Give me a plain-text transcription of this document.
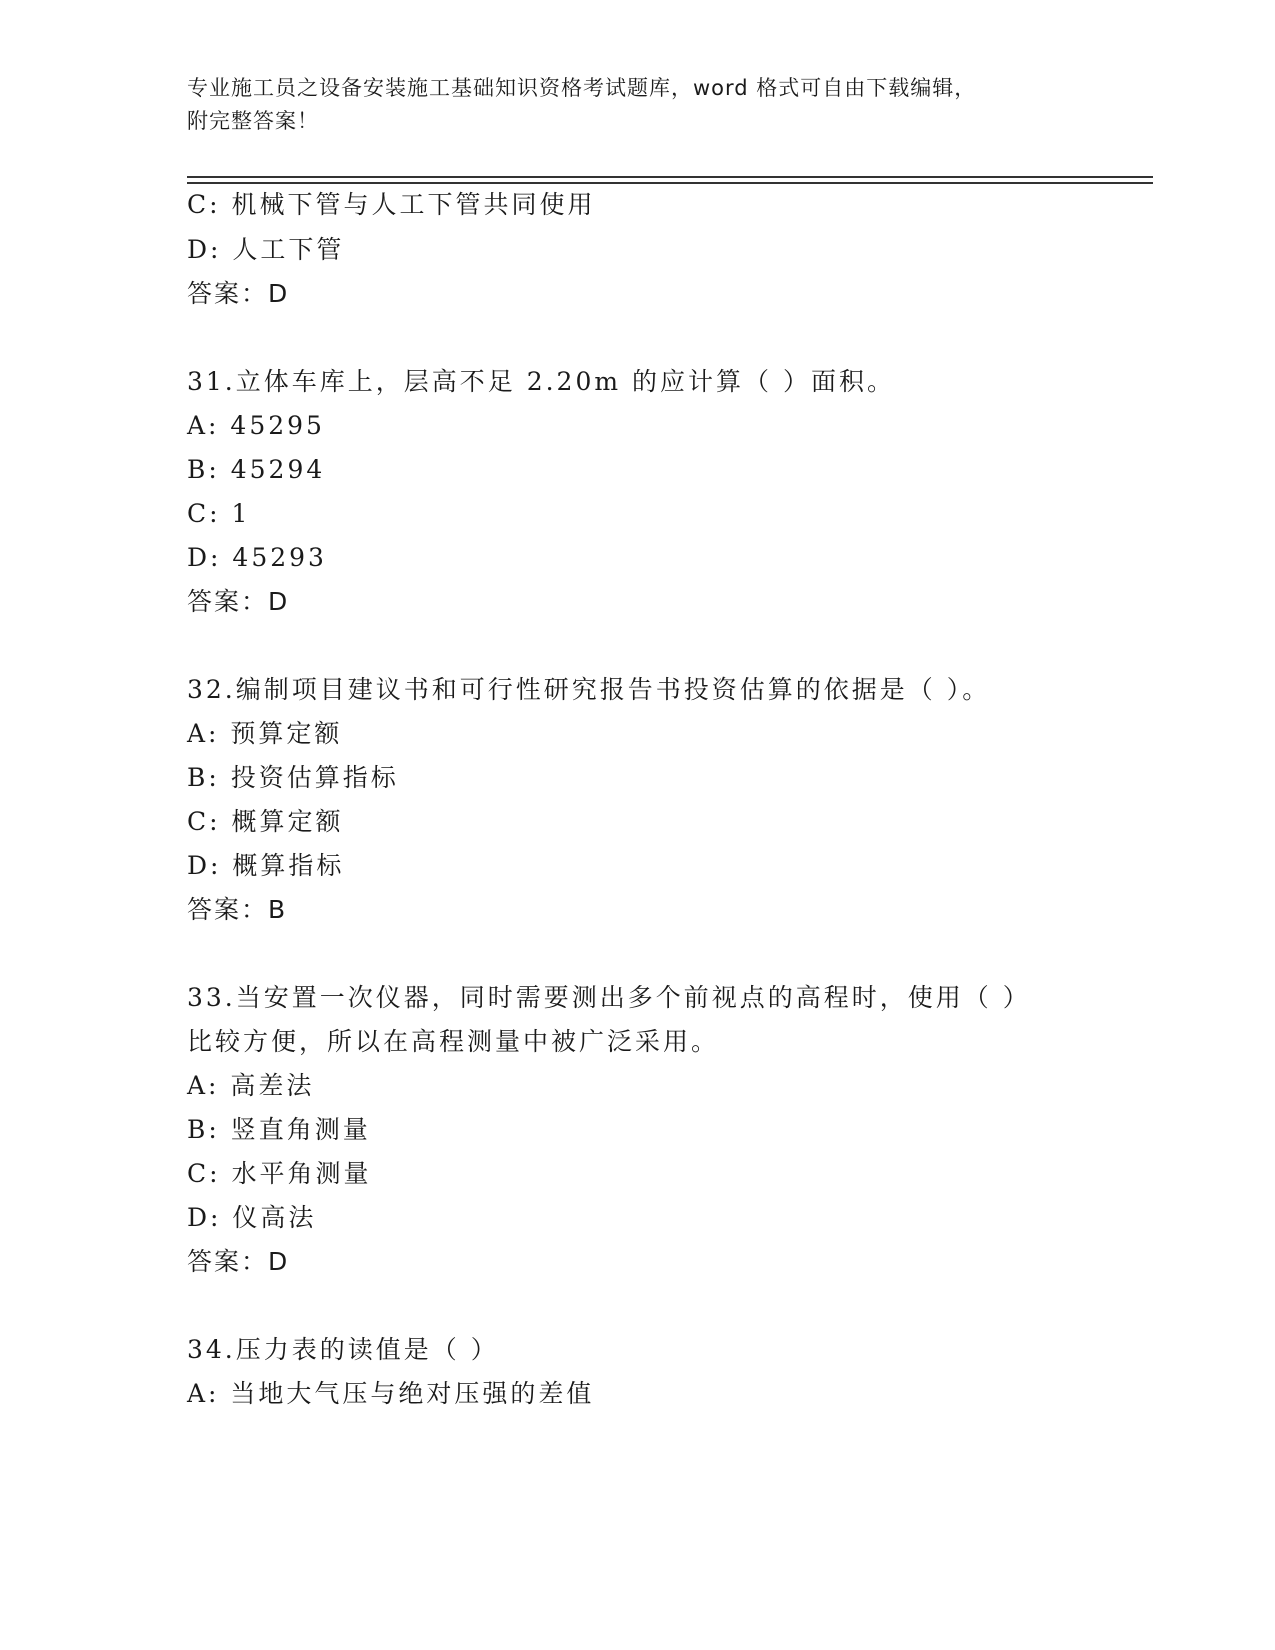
专业施工员之设备安装施工基础知识资格考试题库，word 格式可自由下载编辑，
附完整答案！
C: 机械下管与人工下管共同使用
D: 人工下管
答案：D
31.立体车库上，层高不足 2.20m 的应计算（ ）面积。
A: 45295
B: 45294
C: 1
D: 45293
答案：D
32.编制项目建议书和可行性研究报告书投资估算的依据是（ ）。
A: 预算定额
B: 投资估算指标
C: 概算定额
D: 概算指标
答案：B
33.当安置一次仪器，同时需要测出多个前视点的高程时，使用（ ）
比较方便，所以在高程测量中被广泛采用。
A: 高差法
B: 竖直角测量
C: 水平角测量
D: 仪高法
答案：D
34.压力表的读值是（ ）
A: 当地大气压与绝对压强的差值
